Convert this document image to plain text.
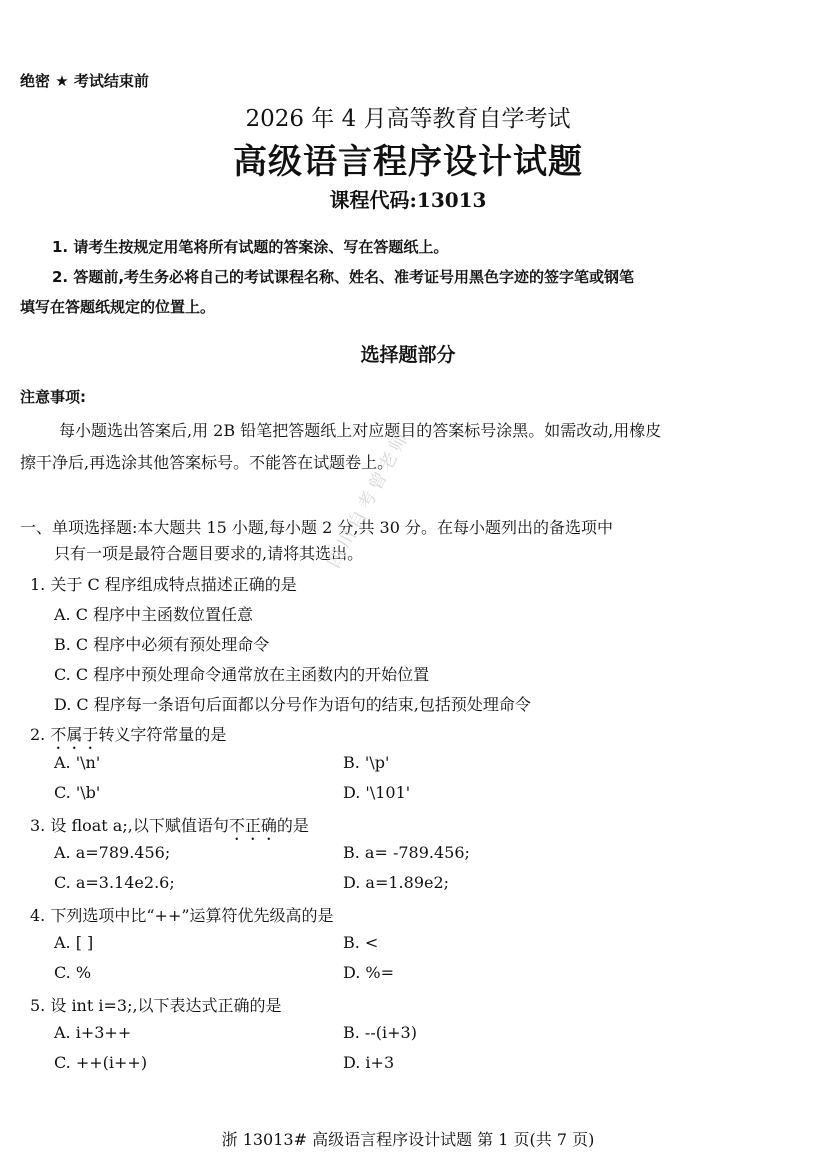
绝密 ★ 考试结束前
2026 年 4 月高等教育自学考试
高级语言程序设计试题
课程代码:13013
1. 请考生按规定用笔将所有试题的答案涂、写在答题纸上。
2. 答题前,考生务必将自己的考试课程名称、姓名、准考证号用黑色字迹的签字笔或钢笔
填写在答题纸规定的位置上。
选择题部分
注意事项:
每小题选出答案后,用 2B 铅笔把答题纸上对应题目的答案标号涂黑。如需改动,用橡皮
擦干净后,再选涂其他答案标号。不能答在试题卷上。
一、单项选择题:本大题共 15 小题,每小题 2 分,共 30 分。在每小题列出的备选项中
只有一项是最符合题目要求的,请将其选出。
1. 关于 C 程序组成特点描述正确的是
A. C 程序中主函数位置任意
B. C 程序中必须有预处理命令
C. C 程序中预处理命令通常放在主函数内的开始位置
D. C 程序每一条语句后面都以分号作为语句的结束,包括预处理命令
2. 不属于转义字符常量的是
A. '\n'	B. '\p'
C. '\b'	D. '\101'
3. 设 float a;,以下赋值语句不正确的是
A. a=789.456;	B. a= -789.456;
C. a=3.14e2.6;	D. a=1.89e2;
4. 下列选项中比“++”运算符优先级高的是
A. [ ]	B. <
C. %	D. %=
5. 设 int i=3;,以下表达式正确的是
A. i+3++	B. --(i+3)
C. ++(i++)	D. i+3
四川自考曾老师
浙 13013# 高级语言程序设计试题 第 1 页(共 7 页)
